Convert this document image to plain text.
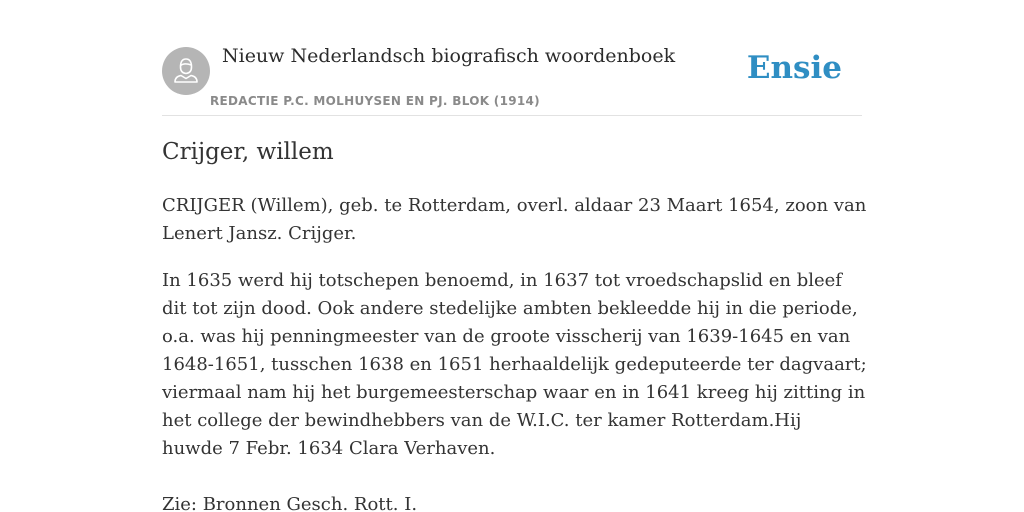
Nieuw Nederlandsch biografisch woordenboek
REDACTIE P.C. MOLHUYSEN EN PJ. BLOK (1914)
Ensie
Crijger, willem

CRIJGER (Willem), geb. te Rotterdam, overl. aldaar 23 Maart 1654, zoon van Lenert Jansz. Crijger.

In 1635 werd hij totschepen benoemd, in 1637 tot vroedschapslid en bleef dit tot zijn dood. Ook andere stedelijke ambten bekleedde hij in die periode, o.a. was hij penningmeester van de groote visscherij van 1639-1645 en van 1648-1651, tusschen 1638 en 1651 herhaaldelijk gedeputeerde ter dagvaart; viermaal nam hij het burgemeesterschap waar en in 1641 kreeg hij zitting in het college der bewindhebbers van de W.I.C. ter kamer Rotterdam.Hij huwde 7 Febr. 1634 Clara Verhaven.

Zie: Bronnen Gesch. Rott. I.
